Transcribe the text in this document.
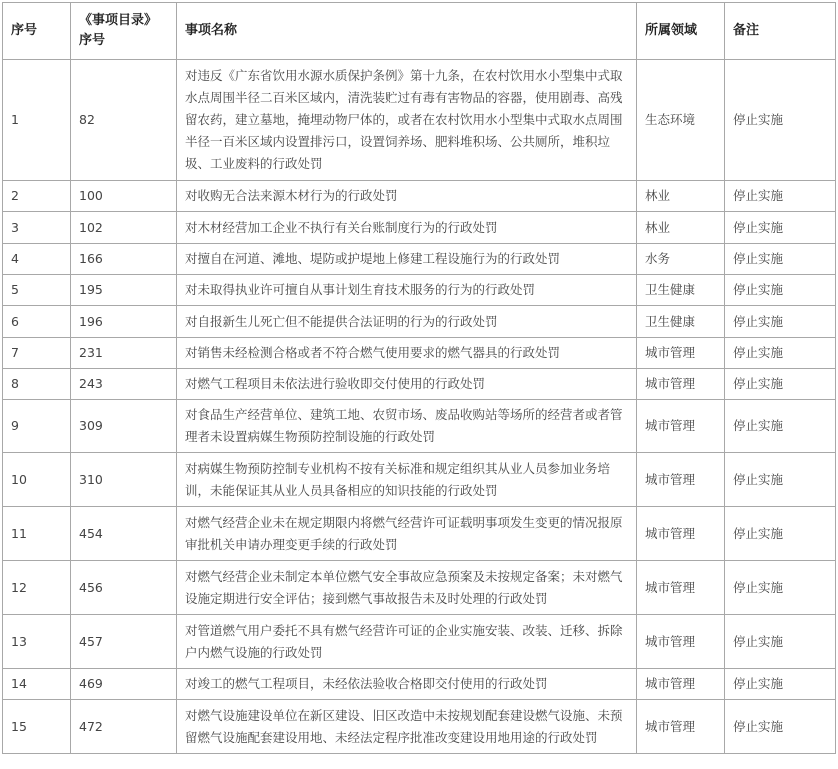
序号	《事项目录》序号	事项名称	所属领域	备注
1	82	对违反《广东省饮用水源水质保护条例》第十九条，在农村饮用水小型集中式取水点周围半径二百米区域内，清洗装贮过有毒有害物品的容器，使用剧毒、高残留农药，建立墓地，掩埋动物尸体的，或者在农村饮用水小型集中式取水点周围半径一百米区域内设置排污口，设置饲养场、肥料堆积场、公共厕所，堆积垃圾、工业废料的行政处罚	生态环境	停止实施
2	100	对收购无合法来源木材行为的行政处罚	林业	停止实施
3	102	对木材经营加工企业不执行有关台账制度行为的行政处罚	林业	停止实施
4	166	对擅自在河道、滩地、堤防或护堤地上修建工程设施行为的行政处罚	水务	停止实施
5	195	对未取得执业许可擅自从事计划生育技术服务的行为的行政处罚	卫生健康	停止实施
6	196	对自报新生儿死亡但不能提供合法证明的行为的行政处罚	卫生健康	停止实施
7	231	对销售未经检测合格或者不符合燃气使用要求的燃气器具的行政处罚	城市管理	停止实施
8	243	对燃气工程项目未依法进行验收即交付使用的行政处罚	城市管理	停止实施
9	309	对食品生产经营单位、建筑工地、农贸市场、废品收购站等场所的经营者或者管理者未设置病媒生物预防控制设施的行政处罚	城市管理	停止实施
10	310	对病媒生物预防控制专业机构不按有关标准和规定组织其从业人员参加业务培训，未能保证其从业人员具备相应的知识技能的行政处罚	城市管理	停止实施
11	454	对燃气经营企业未在规定期限内将燃气经营许可证载明事项发生变更的情况报原审批机关申请办理变更手续的行政处罚	城市管理	停止实施
12	456	对燃气经营企业未制定本单位燃气安全事故应急预案及未按规定备案；未对燃气设施定期进行安全评估；接到燃气事故报告未及时处理的行政处罚	城市管理	停止实施
13	457	对管道燃气用户委托不具有燃气经营许可证的企业实施安装、改装、迁移、拆除户内燃气设施的行政处罚	城市管理	停止实施
14	469	对竣工的燃气工程项目，未经依法验收合格即交付使用的行政处罚	城市管理	停止实施
15	472	对燃气设施建设单位在新区建设、旧区改造中未按规划配套建设燃气设施、未预留燃气设施配套建设用地、未经法定程序批准改变建设用地用途的行政处罚	城市管理	停止实施
